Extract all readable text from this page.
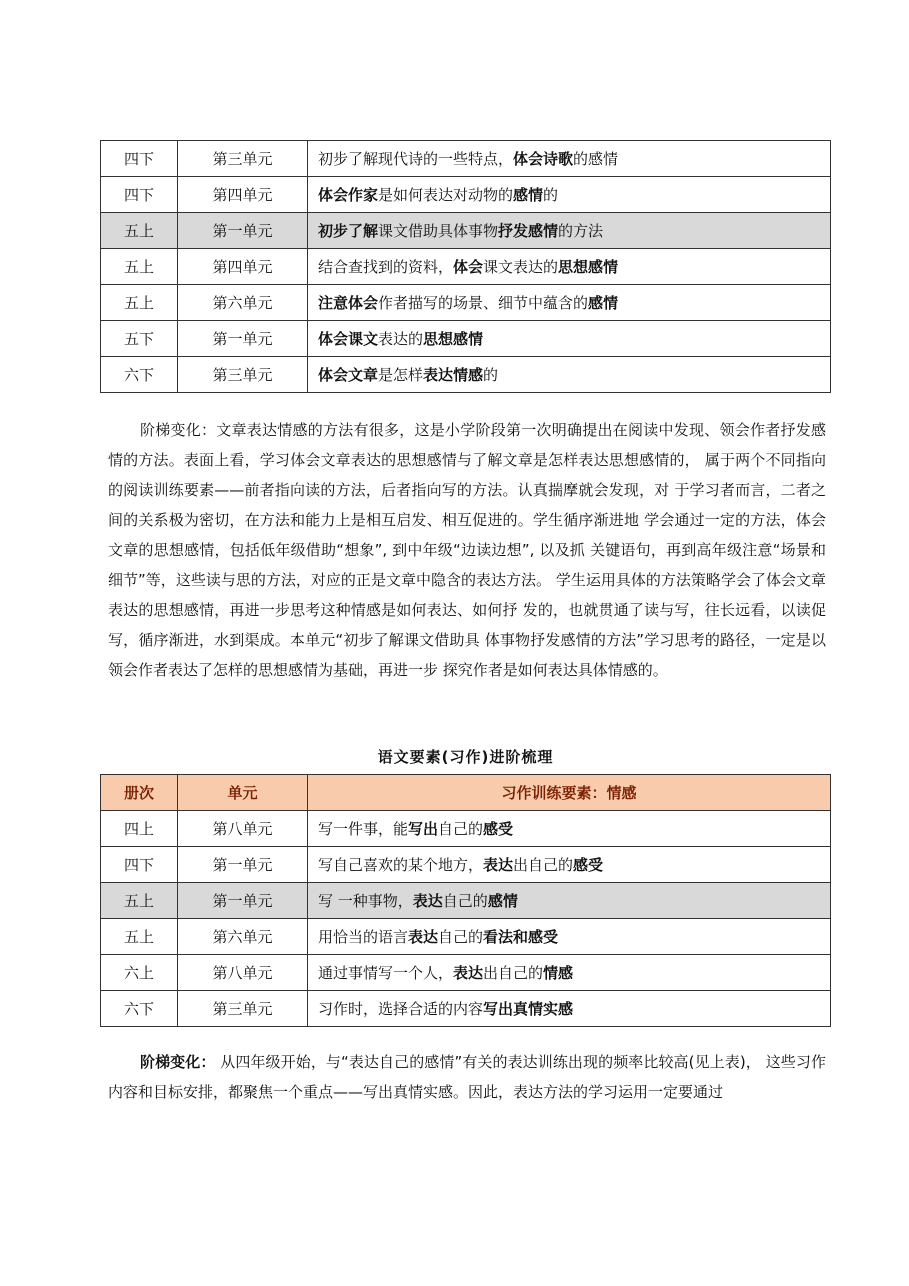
四下	第三单元	初步了解现代诗的一些特点，体会诗歌的感情
四下	第四单元	体会作家是如何表达对动物的感情的
五上	第一单元	初步了解课文借助具体事物抒发感情的方法
五上	第四单元	结合查找到的资料，体会课文表达的思想感情
五上	第六单元	注意体会作者描写的场景、细节中蕴含的感情
五下	第一单元	体会课文表达的思想感情
六下	第三单元	体会文章是怎样表达情感的

阶梯变化：文章表达情感的方法有很多，这是小学阶段第一次明确提出在阅读中发现、领会作者抒发感情的方法。表面上看，学习体会文章表达的思想感情与了解文章是怎样表达思想感情的， 属于两个不同指向的阅读训练要素——前者指向读的方法，后者指向写的方法。认真揣摩就会发现，对 于学习者而言，二者之间的关系极为密切，在方法和能力上是相互启发、相互促进的。学生循序渐进地 学会通过一定的方法，体会文章的思想感情，包括低年级借助“想象”, 到中年级“边读边想”, 以及抓 关键语句，再到高年级注意“场景和细节”等，这些读与思的方法，对应的正是文章中隐含的表达方法。 学生运用具体的方法策略学会了体会文章表达的思想感情，再进一步思考这种情感是如何表达、如何抒 发的，也就贯通了读与写，往长远看，以读促写，循序渐进，水到渠成。本单元“初步了解课文借助具 体事物抒发感情的方法”学习思考的路径，一定是以领会作者表达了怎样的思想感情为基础，再进一步 探究作者是如何表达具体情感的。

语文要素(习作)进阶梳理
册次	单元	习作训练要素：情感
四上	第八单元	写一件事，能写出自己的感受
四下	第一单元	写自己喜欢的某个地方，表达出自己的感受
五上	第一单元	写 一种事物，表达自己的感情
五上	第六单元	用恰当的语言表达自己的看法和感受
六上	第八单元	通过事情写一个人，表达出自己的情感
六下	第三单元	习作时，选择合适的内容写出真情实感

阶梯变化： 从四年级开始，与“表达自己的感情”有关的表达训练出现的频率比较高(见上表)， 这些习作内容和目标安排，都聚焦一个重点——写出真情实感。因此，表达方法的学习运用一定要通过
